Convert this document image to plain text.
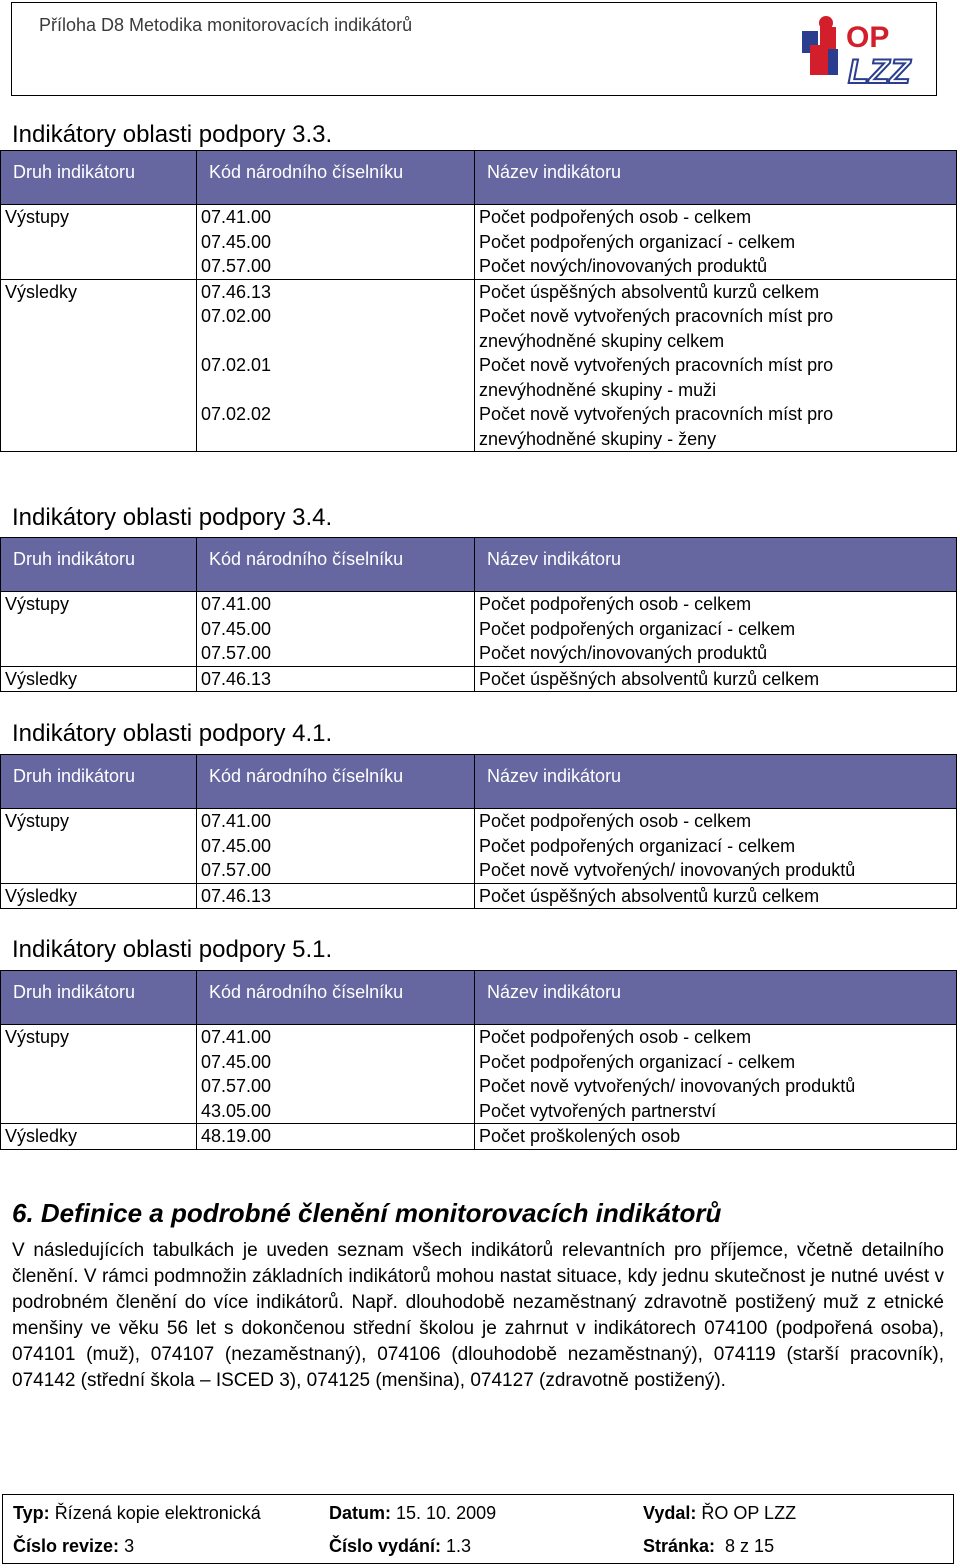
Příloha D8 Metodika monitorovacích indikátorů	OP
LZZ
Indikátory oblasti podpory 3.3.
Druh indikátoru	Kód národního číselníku	Název indikátoru
Výstupy	07.41.00	Počet podpořených osob - celkem
	07.45.00	Počet podpořených organizací - celkem
	07.57.00	Počet nových/inovovaných produktů
Výsledky	07.46.13	Počet úspěšných absolventů kurzů celkem
	07.02.00	Počet nově vytvořených pracovních míst pro znevýhodněné skupiny celkem
	07.02.01	Počet nově vytvořených pracovních míst pro znevýhodněné skupiny - muži
	07.02.02	Počet nově vytvořených pracovních míst pro znevýhodněné skupiny - ženy
Indikátory oblasti podpory 3.4.
Druh indikátoru	Kód národního číselníku	Název indikátoru
Výstupy	07.41.00	Počet podpořených osob - celkem
	07.45.00	Počet podpořených organizací - celkem
	07.57.00	Počet nových/inovovaných produktů
Výsledky	07.46.13	Počet úspěšných absolventů kurzů celkem
Indikátory oblasti podpory 4.1.
Druh indikátoru	Kód národního číselníku	Název indikátoru
Výstupy	07.41.00	Počet podpořených osob - celkem
	07.45.00	Počet podpořených organizací - celkem
	07.57.00	Počet nově vytvořených/ inovovaných produktů
Výsledky	07.46.13	Počet úspěšných absolventů kurzů celkem
Indikátory oblasti podpory 5.1.
Druh indikátoru	Kód národního číselníku	Název indikátoru
Výstupy	07.41.00	Počet podpořených osob - celkem
	07.45.00	Počet podpořených organizací - celkem
	07.57.00	Počet nově vytvořených/ inovovaných produktů
	43.05.00	Počet vytvořených partnerství
Výsledky	48.19.00	Počet proškolených osob
6. Definice a podrobné členění monitorovacích indikátorů

V následujících tabulkách je uveden seznam všech indikátorů relevantních pro příjemce, včetně detailního členění. V rámci podmnožin základních indikátorů mohou nastat situace, kdy jednu skutečnost je nutné uvést v podrobném členění do více indikátorů. Např. dlouhodobě nezaměstnaný zdravotně postižený muž z etnické menšiny ve věku 56 let s dokončenou střední školou je zahrnut v indikátorech 074100 (podpořená osoba), 074101 (muž), 074107 (nezaměstnaný), 074106 (dlouhodobě nezaměstnaný), 074119 (starší pracovník), 074142 (střední škola – ISCED 3), 074125 (menšina), 074127 (zdravotně postižený).

Typ: Řízená kopie elektronická	Datum: 15. 10. 2009	Vydal: ŘO OP LZZ
Číslo revize: 3	Číslo vydání: 1.3	Stránka: 8 z 15
